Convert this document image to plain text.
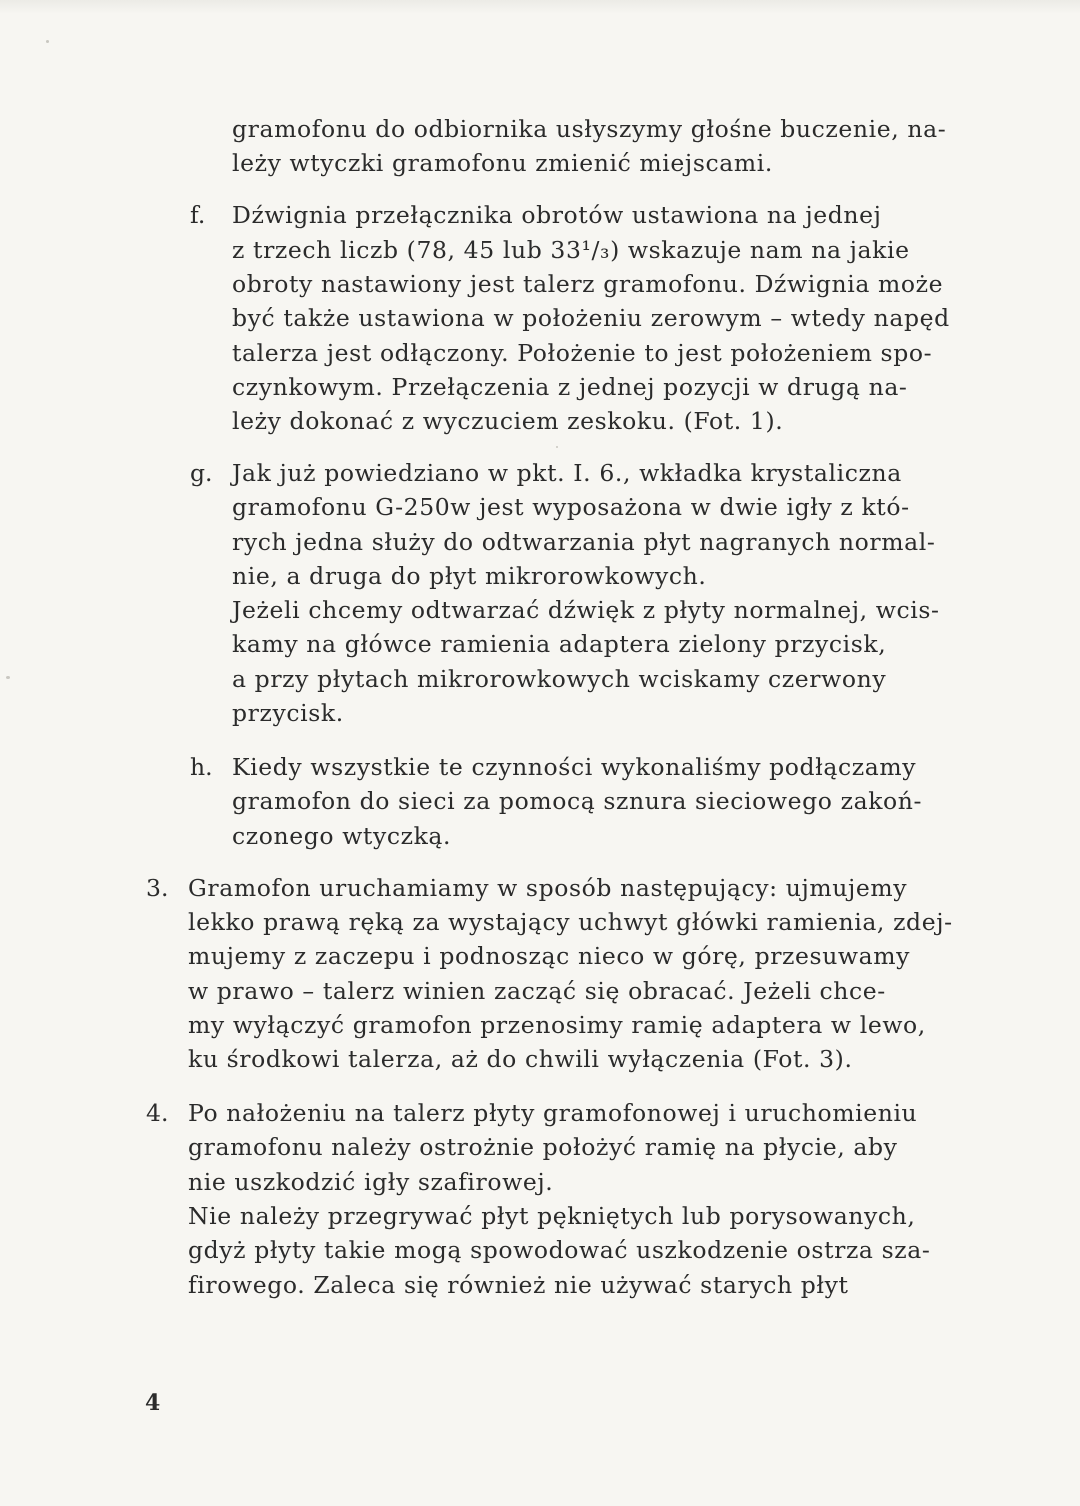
gramofonu do odbiornika usłyszymy głośne buczenie, na-
leży wtyczki gramofonu zmienić miejscami.
f. Dźwignia przełącznika obrotów ustawiona na jednej
z trzech liczb (78, 45 lub 33¹/₃) wskazuje nam na jakie
obroty nastawiony jest talerz gramofonu. Dźwignia może
być także ustawiona w położeniu zerowym – wtedy napęd
talerza jest odłączony. Położenie to jest położeniem spo-
czynkowym. Przełączenia z jednej pozycji w drugą na-
leży dokonać z wyczuciem zeskoku. (Fot. 1).
g. Jak już powiedziano w pkt. I. 6., wkładka krystaliczna
gramofonu G-250w jest wyposażona w dwie igły z któ-
rych jedna służy do odtwarzania płyt nagranych normal-
nie, a druga do płyt mikrorowkowych.
Jeżeli chcemy odtwarzać dźwięk z płyty normalnej, wcis-
kamy na główce ramienia adaptera zielony przycisk,
a przy płytach mikrorowkowych wciskamy czerwony
przycisk.
h. Kiedy wszystkie te czynności wykonaliśmy podłączamy
gramofon do sieci za pomocą sznura sieciowego zakoń-
czonego wtyczką.
3. Gramofon uruchamiamy w sposób następujący: ujmujemy
lekko prawą ręką za wystający uchwyt główki ramienia, zdej-
mujemy z zaczepu i podnosząc nieco w górę, przesuwamy
w prawo – talerz winien zacząć się obracać. Jeżeli chce-
my wyłączyć gramofon przenosimy ramię adaptera w lewo,
ku środkowi talerza, aż do chwili wyłączenia (Fot. 3).
4. Po nałożeniu na talerz płyty gramofonowej i uruchomieniu
gramofonu należy ostrożnie położyć ramię na płycie, aby
nie uszkodzić igły szafirowej.
Nie należy przegrywać płyt pękniętych lub porysowanych,
gdyż płyty takie mogą spowodować uszkodzenie ostrza sza-
firowego. Zaleca się również nie używać starych płyt
4
